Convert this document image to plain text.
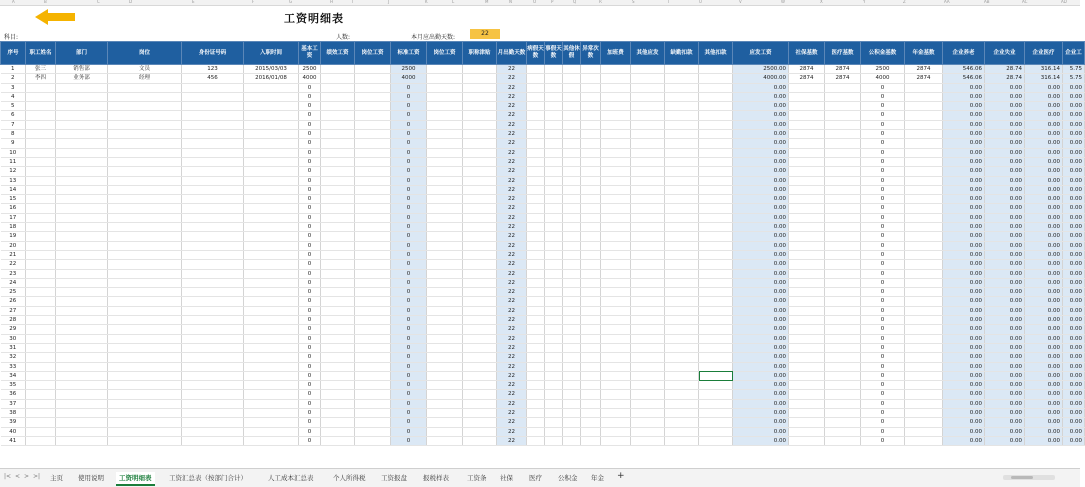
A	B	C	D	E	F	G	H	I	J	K	L	M	N	O	P	Q	R	S	T	U	V	W	X	Y	Z	AA	AB	AC	AD
工资明细表
科目:	人数:	本月应出勤天数:
22
序号	职工姓名	部门	岗位	身份证号码	入职时间	基本工资	绩效工资	岗位工资	标准工资	岗位工资	职称津贴	月出勤天数	病假天数	事假天数	其他休假	异常次数	加班费	其他应发	缺勤扣款	其他扣款	应发工资	社保基数	医疗基数	公积金基数	年金基数	企业养老	企业失业	企业医疗	企业工
1	张三	销售部	文员	123	2015/03/03	2500			2500			22									2500.00	2874	2874	2500	2874	546.06	28.74	316.14	5.75
2	李四	业务部	经理	456	2016/01/08	4000			4000			22									4000.00	2874	2874	4000	2874	546.06	28.74	316.14	5.75
3						0			0			22									0.00			0		0.00	0.00	0.00	0.00
4						0			0			22									0.00			0		0.00	0.00	0.00	0.00
5						0			0			22									0.00			0		0.00	0.00	0.00	0.00
6						0			0			22									0.00			0		0.00	0.00	0.00	0.00
7						0			0			22									0.00			0		0.00	0.00	0.00	0.00
8						0			0			22									0.00			0		0.00	0.00	0.00	0.00
9						0			0			22									0.00			0		0.00	0.00	0.00	0.00
10						0			0			22									0.00			0		0.00	0.00	0.00	0.00
11						0			0			22									0.00			0		0.00	0.00	0.00	0.00
12						0			0			22									0.00			0		0.00	0.00	0.00	0.00
13						0			0			22									0.00			0		0.00	0.00	0.00	0.00
14						0			0			22									0.00			0		0.00	0.00	0.00	0.00
15						0			0			22									0.00			0		0.00	0.00	0.00	0.00
16						0			0			22									0.00			0		0.00	0.00	0.00	0.00
17						0			0			22									0.00			0		0.00	0.00	0.00	0.00
18						0			0			22									0.00			0		0.00	0.00	0.00	0.00
19						0			0			22									0.00			0		0.00	0.00	0.00	0.00
20						0			0			22									0.00			0		0.00	0.00	0.00	0.00
21						0			0			22									0.00			0		0.00	0.00	0.00	0.00
22						0			0			22									0.00			0		0.00	0.00	0.00	0.00
23						0			0			22									0.00			0		0.00	0.00	0.00	0.00
24						0			0			22									0.00			0		0.00	0.00	0.00	0.00
25						0			0			22									0.00			0		0.00	0.00	0.00	0.00
26						0			0			22									0.00			0		0.00	0.00	0.00	0.00
27						0			0			22									0.00			0		0.00	0.00	0.00	0.00
28						0			0			22									0.00			0		0.00	0.00	0.00	0.00
29						0			0			22									0.00			0		0.00	0.00	0.00	0.00
30						0			0			22									0.00			0		0.00	0.00	0.00	0.00
31						0			0			22									0.00			0		0.00	0.00	0.00	0.00
32						0			0			22									0.00			0		0.00	0.00	0.00	0.00
33						0			0			22									0.00			0		0.00	0.00	0.00	0.00
34						0			0			22									0.00			0		0.00	0.00	0.00	0.00
35						0			0			22									0.00			0		0.00	0.00	0.00	0.00
36						0			0			22									0.00			0		0.00	0.00	0.00	0.00
37						0			0			22									0.00			0		0.00	0.00	0.00	0.00
38						0			0			22									0.00			0		0.00	0.00	0.00	0.00
39						0			0			22									0.00			0		0.00	0.00	0.00	0.00
40						0			0			22									0.00			0		0.00	0.00	0.00	0.00
41						0			0			22									0.00			0		0.00	0.00	0.00	0.00
|< < > >|	主页	使用说明	工资明细表	工资汇总表（按部门合计）	人工成本汇总表	个人所得税	工资报盘	报税样表	工资条	社保	医疗	公积金	年金	+
